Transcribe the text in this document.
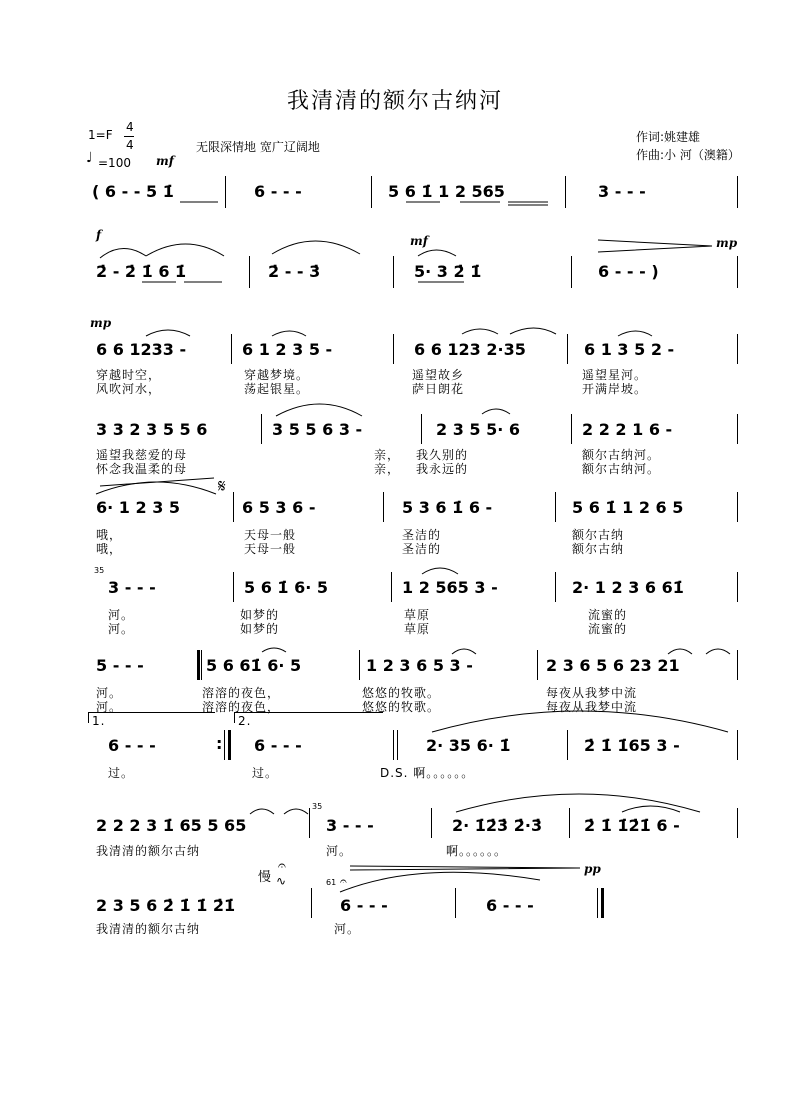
我清清的额尔古纳河
1=F
4
4
♩ =100
无限深情地 宽广辽阔地
作词:姚建雄
作曲:小 河（澳籍）
mf
( 6 - - 5 1̇	6 - - -	5 6 1̇ 1 2 565	3 - - -
f	mf	mp
2̇ - 2̇ 1̇ 6 1̇	2̇ - - 3̇	5· 3 2̇ 1̇	6 - - - )
mp
6 6 1233 -	6 1 2 3 5 -	6 6 123 2·35	6 1 3 5 2 -
穿越时空，	穿越梦境。	遥望故乡	遥望星河。
风吹河水，	荡起银星。	萨日朗花	开满岸坡。
3 3 2 3 5 5 6	3 5 5 6 3 -	2 3 5 5· 6	2 2 2 1 6 -
遥望我慈爱的母	亲， 我久别的	额尔古纳河。
怀念我温柔的母	亲， 我永远的	额尔古纳河。
6· 1 2 3 5
𝄋
6 5 3 6 -	5 3 6 1̇ 6 -	5 6 1̇ 1 2 6 5
哦，	天母一般	圣洁的	额尔古纳
哦，	天母一般	圣洁的	额尔古纳
35
3 - - -	5 6 1̇ 6· 5	1 2 565 3 -	2· 1 2 3 6 61̇
河。	如梦的	草原	流蜜的
河。	如梦的	草原	流蜜的
5 - - -	5 6 61̇ 6· 5	1 2 3 6 5 3 -	2 3 6 5 6 23 21
河。	溶溶的夜色，	悠悠的牧歌。	每夜从我梦中流
河。	溶溶的夜色，	悠悠的牧歌。	每夜从我梦中流
1.	2.
6 - - -	: 6 - - -	2· 35 6· 1̇	2̇ 1̇ 1̇65 3 -
过。	过。	D.S. 啊。。。。。。
2 2 2 3 1̇ 65 5 65
35
3 - - -	2· 1̇2̇3̇ 2̇·3̇	2̇ 1̇ 1̇2̇1̇ 6 -
我清清的额尔古纳	河。	啊。。。。。。
慢
𝄐
∿
pp
2 3 5 6 2̇ 1̇ 1̇ 2̇1̇
61 𝄐
6 - - -	6 - - -
我清清的额尔古纳	河。
